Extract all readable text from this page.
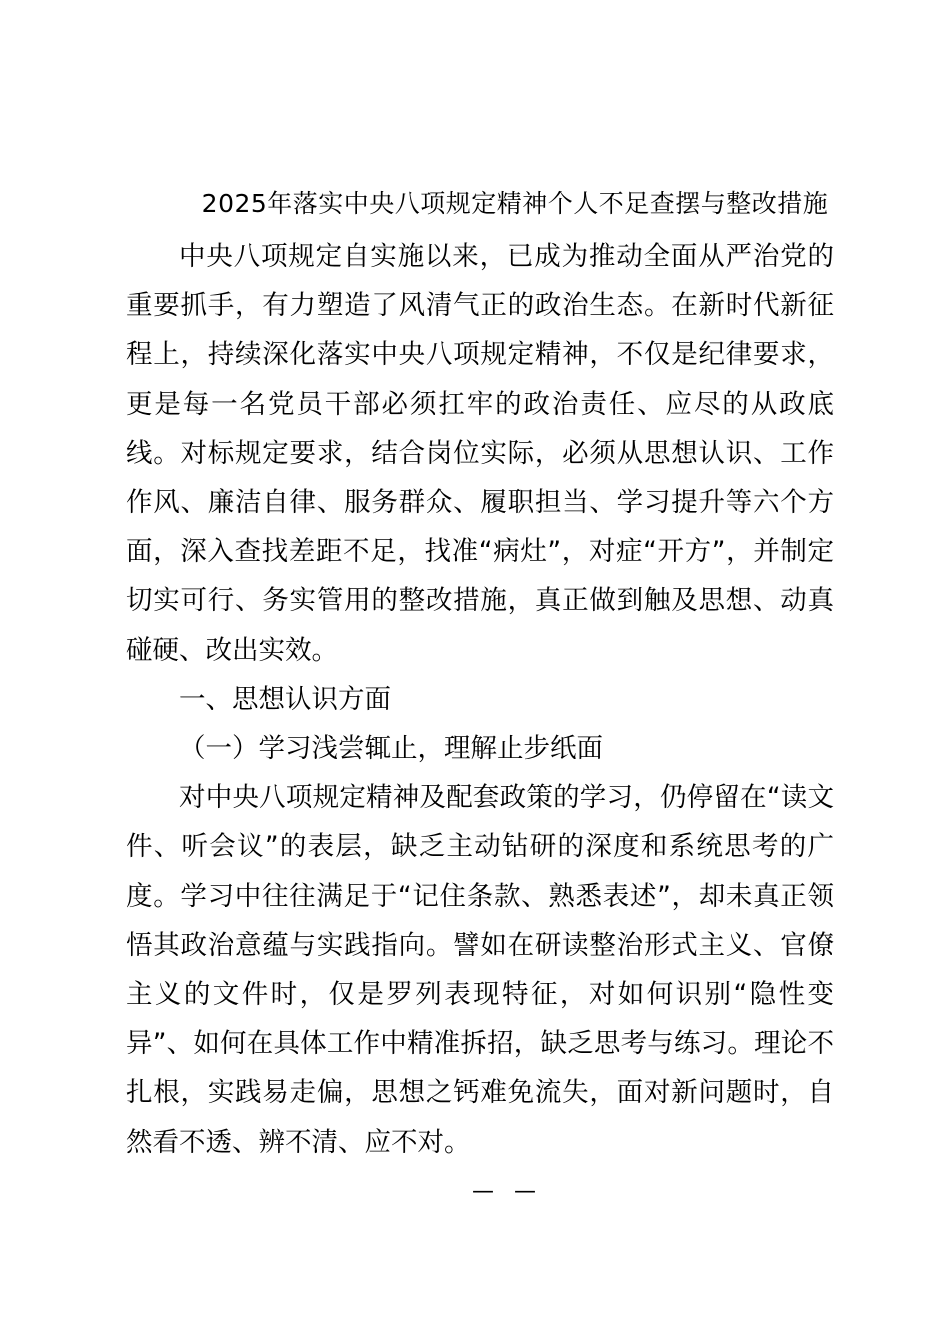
2025年落实中央八项规定精神个人不足查摆与整改措施

中央八项规定自实施以来，已成为推动全面从严治党的重要抓手，有力塑造了风清气正的政治生态。在新时代新征程上，持续深化落实中央八项规定精神，不仅是纪律要求，更是每一名党员干部必须扛牢的政治责任、应尽的从政底线。对标规定要求，结合岗位实际，必须从思想认识、工作作风、廉洁自律、服务群众、履职担当、学习提升等六个方面，深入查找差距不足，找准“病灶”，对症“开方”，并制定切实可行、务实管用的整改措施，真正做到触及思想、动真碰硬、改出实效。

一、思想认识方面
（一）学习浅尝辄止，理解止步纸面

对中央八项规定精神及配套政策的学习，仍停留在“读文件、听会议”的表层，缺乏主动钻研的深度和系统思考的广度。学习中往往满足于“记住条款、熟悉表述”，却未真正领悟其政治意蕴与实践指向。譬如在研读整治形式主义、官僚主义的文件时，仅是罗列表现特征，对如何识别“隐性变异”、如何在具体工作中精准拆招，缺乏思考与练习。理论不扎根，实践易走偏，思想之钙难免流失，面对新问题时，自然看不透、辨不清、应不对。

—  —
